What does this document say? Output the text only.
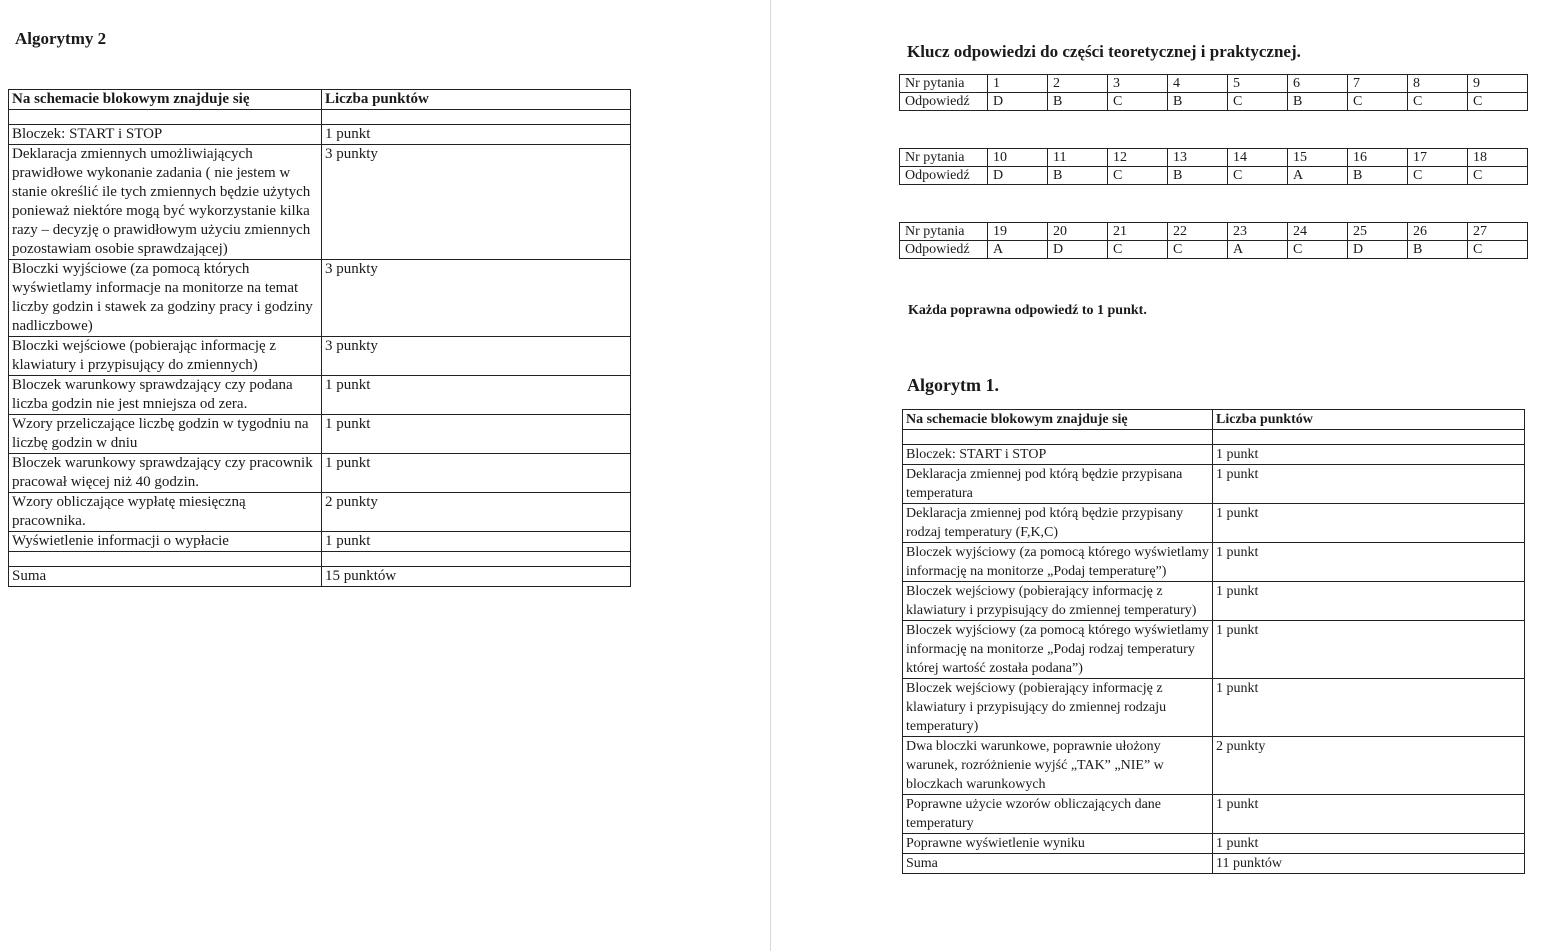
Algorytmy 2
Na schemacie blokowym znajduje się	Liczba punktów

Bloczek: START i STOP	1 punkt
Deklaracja zmiennych umożliwiających prawidłowe wykonanie zadania ( nie jestem w stanie określić ile tych zmiennych będzie użytych ponieważ niektóre mogą być wykorzystanie kilka razy – decyzję o prawidłowym użyciu zmiennych pozostawiam osobie sprawdzającej)	3 punkty
Bloczki wyjściowe (za pomocą których wyświetlamy informacje na monitorze na temat liczby godzin i stawek za godziny pracy i godziny nadliczbowe)	3 punkty
Bloczki wejściowe (pobierając informację z klawiatury i przypisujący do zmiennych)	3 punkty
Bloczek warunkowy sprawdzający czy podana liczba godzin nie jest mniejsza od zera.	1 punkt
Wzory przeliczające liczbę godzin w tygodniu na liczbę godzin w dniu	1 punkt
Bloczek warunkowy sprawdzający czy pracownik pracował więcej niż 40 godzin.	1 punkt
Wzory obliczające wypłatę miesięczną pracownika.	2 punkty
Wyświetlenie informacji o wypłacie	1 punkt

Suma	15 punktów
Klucz odpowiedzi do części teoretycznej i praktycznej.
Nr pytania	1	2	3	4	5	6	7	8	9
Odpowiedź	D	B	C	B	C	B	C	C	C
Nr pytania	10	11	12	13	14	15	16	17	18
Odpowiedź	D	B	C	B	C	A	B	C	C
Nr pytania	19	20	21	22	23	24	25	26	27
Odpowiedź	A	D	C	C	A	C	D	B	C
Każda poprawna odpowiedź to 1 punkt.
Algorytm 1.
Na schemacie blokowym znajduje się	Liczba punktów

Bloczek: START i STOP	1 punkt
Deklaracja zmiennej pod którą będzie przypisana temperatura	1 punkt
Deklaracja zmiennej pod którą będzie przypisany rodzaj temperatury (F,K,C)	1 punkt
Bloczek wyjściowy (za pomocą którego wyświetlamy informację na monitorze „Podaj temperaturę”)	1 punkt
Bloczek wejściowy (pobierający informację z klawiatury i przypisujący do zmiennej temperatury)	1 punkt
Bloczek wyjściowy (za pomocą którego wyświetlamy informację na monitorze „Podaj rodzaj temperatury której wartość została podana”)	1 punkt
Bloczek wejściowy (pobierający informację z klawiatury i przypisujący do zmiennej rodzaju temperatury)	1 punkt
Dwa bloczki warunkowe, poprawnie ułożony warunek, rozróżnienie wyjść „TAK” „NIE” w bloczkach warunkowych	2 punkty
Poprawne użycie wzorów obliczających dane temperatury	1 punkt
Poprawne wyświetlenie wyniku	1 punkt
Suma	11 punktów
